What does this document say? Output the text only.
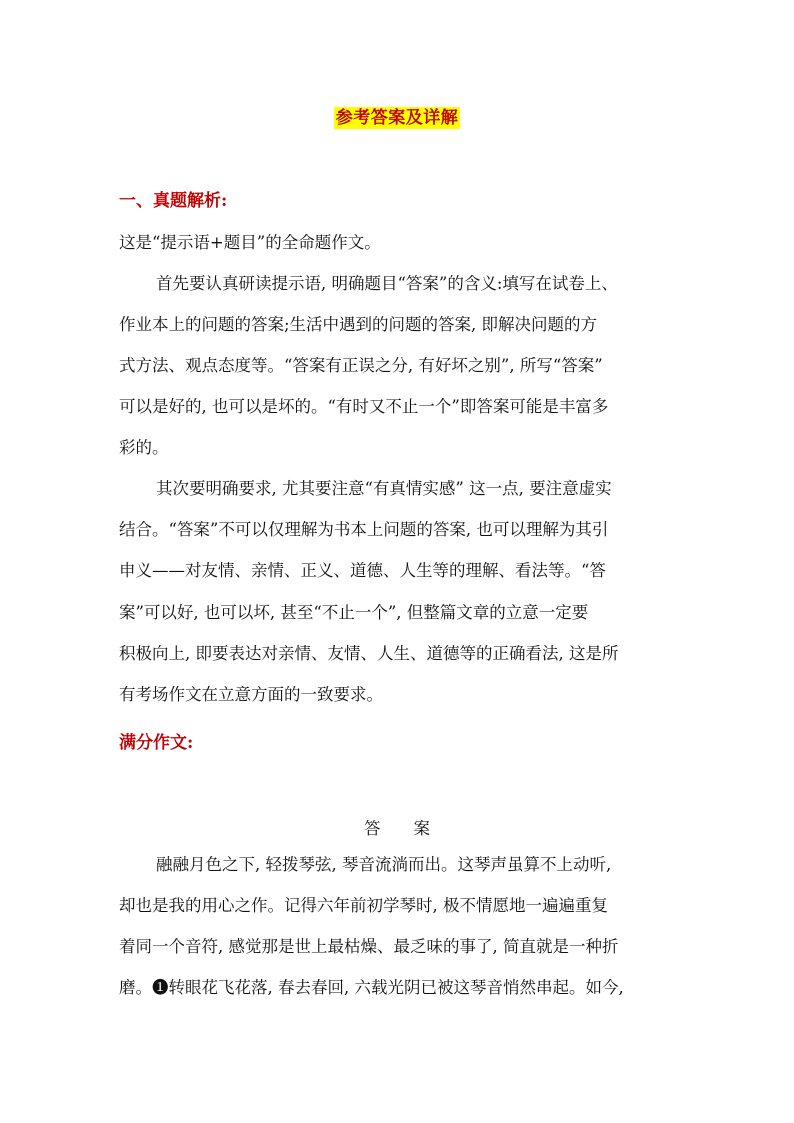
参考答案及详解
一、真题解析:
这是“提示语+题目”的全命题作文。
首先要认真研读提示语, 明确题目“答案”的含义:填写在试卷上、
作业本上的问题的答案;生活中遇到的问题的答案, 即解决问题的方
式方法、观点态度等。“答案有正误之分, 有好坏之别”, 所写“答案”
可以是好的, 也可以是坏的。“有时又不止一个”即答案可能是丰富多
彩的。
其次要明确要求, 尤其要注意“有真情实感” 这一点, 要注意虚实
结合。“答案”不可以仅理解为书本上问题的答案, 也可以理解为其引
申义——对友情、亲情、正义、道德、人生等的理解、看法等。“答
案”可以好, 也可以坏, 甚至“不止一个”, 但整篇文章的立意一定要
积极向上, 即要表达对亲情、友情、人生、道德等的正确看法, 这是所
有考场作文在立意方面的一致要求。
满分作文:
答　　案
融融月色之下, 轻拨琴弦, 琴音流淌而出。这琴声虽算不上动听,
却也是我的用心之作。记得六年前初学琴时, 极不情愿地一遍遍重复
着同一个音符, 感觉那是世上最枯燥、最乏味的事了, 简直就是一种折
磨。❶转眼花飞花落, 春去春回, 六载光阴已被这琴音悄然串起。如今,
